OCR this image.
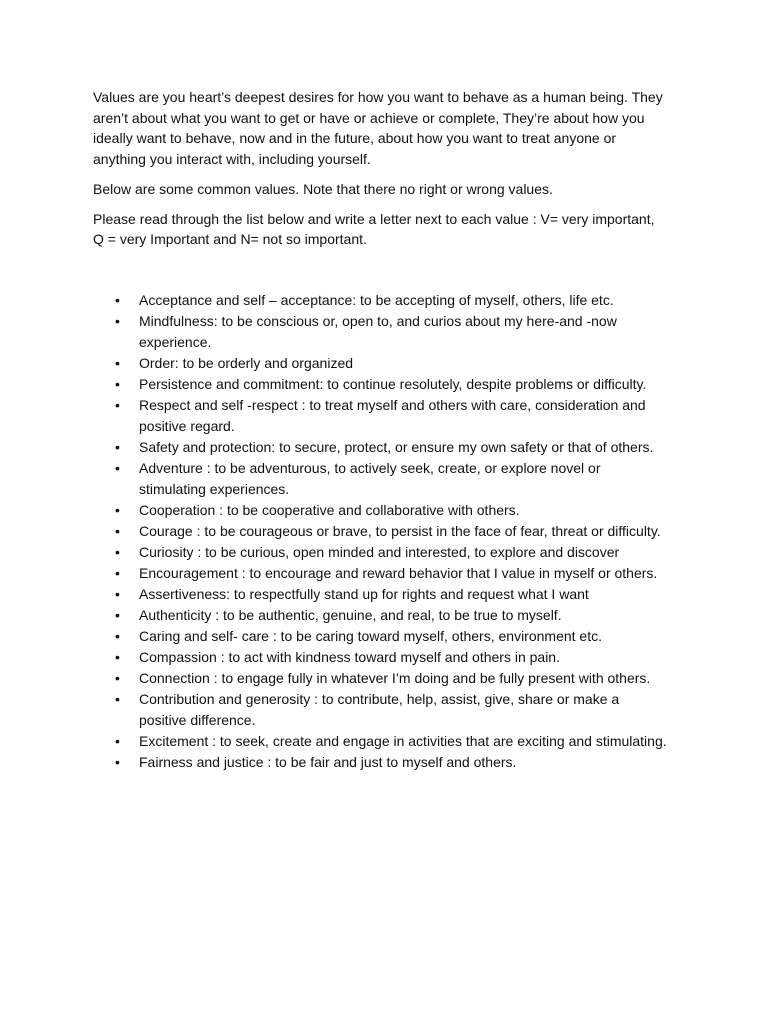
Values are you heart’s deepest desires for how you want to behave as a human being. They aren’t about what you want to get or have or achieve or complete, They’re about how you ideally want to behave, now and in the future, about how you want to treat anyone or anything you interact with, including yourself.

Below are some common values. Note that there no right or wrong values.

Please read through the list below and write a letter next to each value : V= very important, Q = very Important and N= not so important.

• Acceptance and self – acceptance: to be accepting of myself, others, life etc.
• Mindfulness: to be conscious or, open to, and curios about my here-and -now experience.
• Order: to be orderly and organized
• Persistence and commitment: to continue resolutely, despite problems or difficulty.
• Respect and self -respect : to treat myself and others with care, consideration and positive regard.
• Safety and protection: to secure, protect, or ensure my own safety or that of others.
• Adventure : to be adventurous, to actively seek, create, or explore novel or stimulating experiences.
• Cooperation : to be cooperative and collaborative with others.
• Courage : to be courageous or brave, to persist in the face of fear, threat or difficulty.
• Curiosity : to be curious, open minded and interested, to explore and discover
• Encouragement : to encourage and reward behavior that I value in myself or others.
• Assertiveness: to respectfully stand up for rights and request what I want
• Authenticity : to be authentic, genuine, and real, to be true to myself.
• Caring and self- care : to be caring toward myself, others, environment etc.
• Compassion : to act with kindness toward myself and others in pain.
• Connection : to engage fully in whatever I’m doing and be fully present with others.
• Contribution and generosity : to contribute, help, assist, give, share or make a positive difference.
• Excitement : to seek, create and engage in activities that are exciting and stimulating.
• Fairness and justice : to be fair and just to myself and others.
